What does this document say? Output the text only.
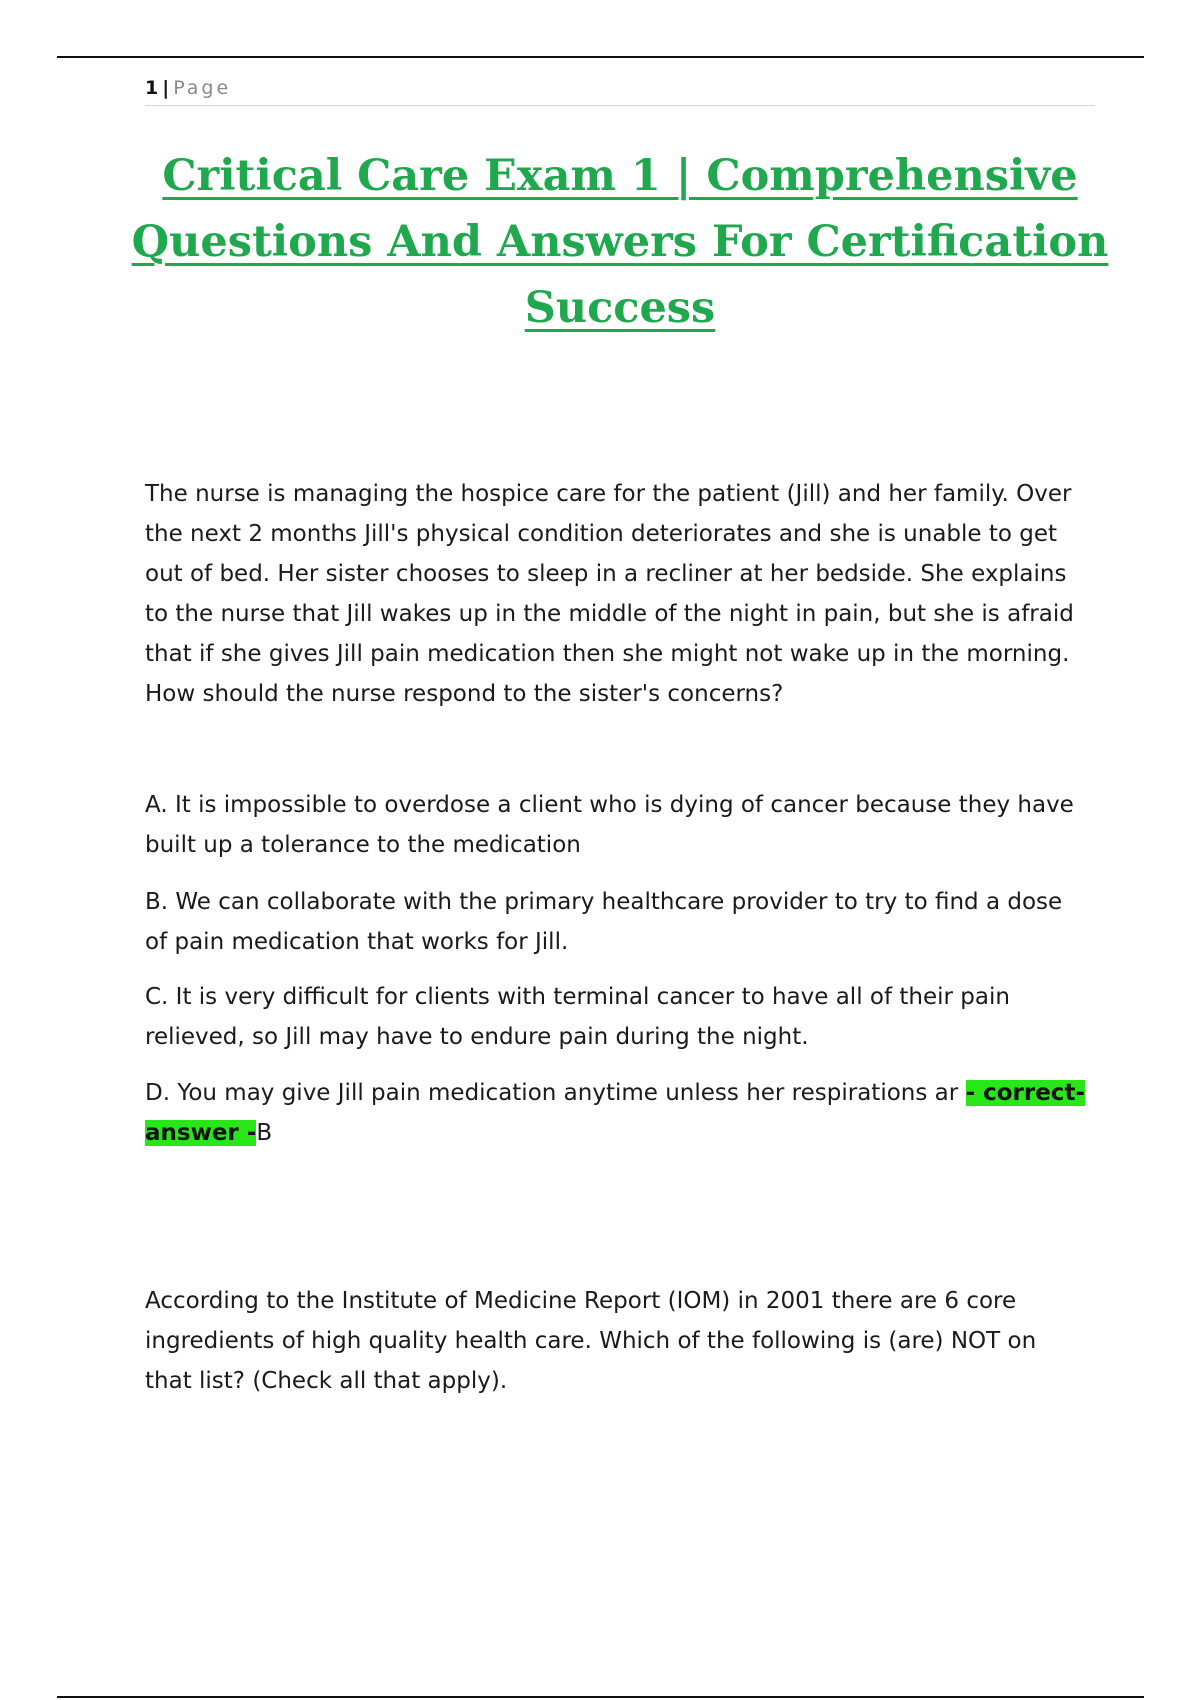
1 | Page
Critical Care Exam 1 | Comprehensive Questions And Answers For Certification Success

The nurse is managing the hospice care for the patient (Jill) and her family. Over the next 2 months Jill's physical condition deteriorates and she is unable to get out of bed. Her sister chooses to sleep in a recliner at her bedside. She explains to the nurse that Jill wakes up in the middle of the night in pain, but she is afraid that if she gives Jill pain medication then she might not wake up in the morning. How should the nurse respond to the sister's concerns?

A. It is impossible to overdose a client who is dying of cancer because they have built up a tolerance to the medication

B. We can collaborate with the primary healthcare provider to try to find a dose of pain medication that works for Jill.

C. It is very difficult for clients with terminal cancer to have all of their pain relieved, so Jill may have to endure pain during the night.

D. You may give Jill pain medication anytime unless her respirations ar - correct-answer -B

According to the Institute of Medicine Report (IOM) in 2001 there are 6 core ingredients of high quality health care. Which of the following is (are) NOT on that list? (Check all that apply).
